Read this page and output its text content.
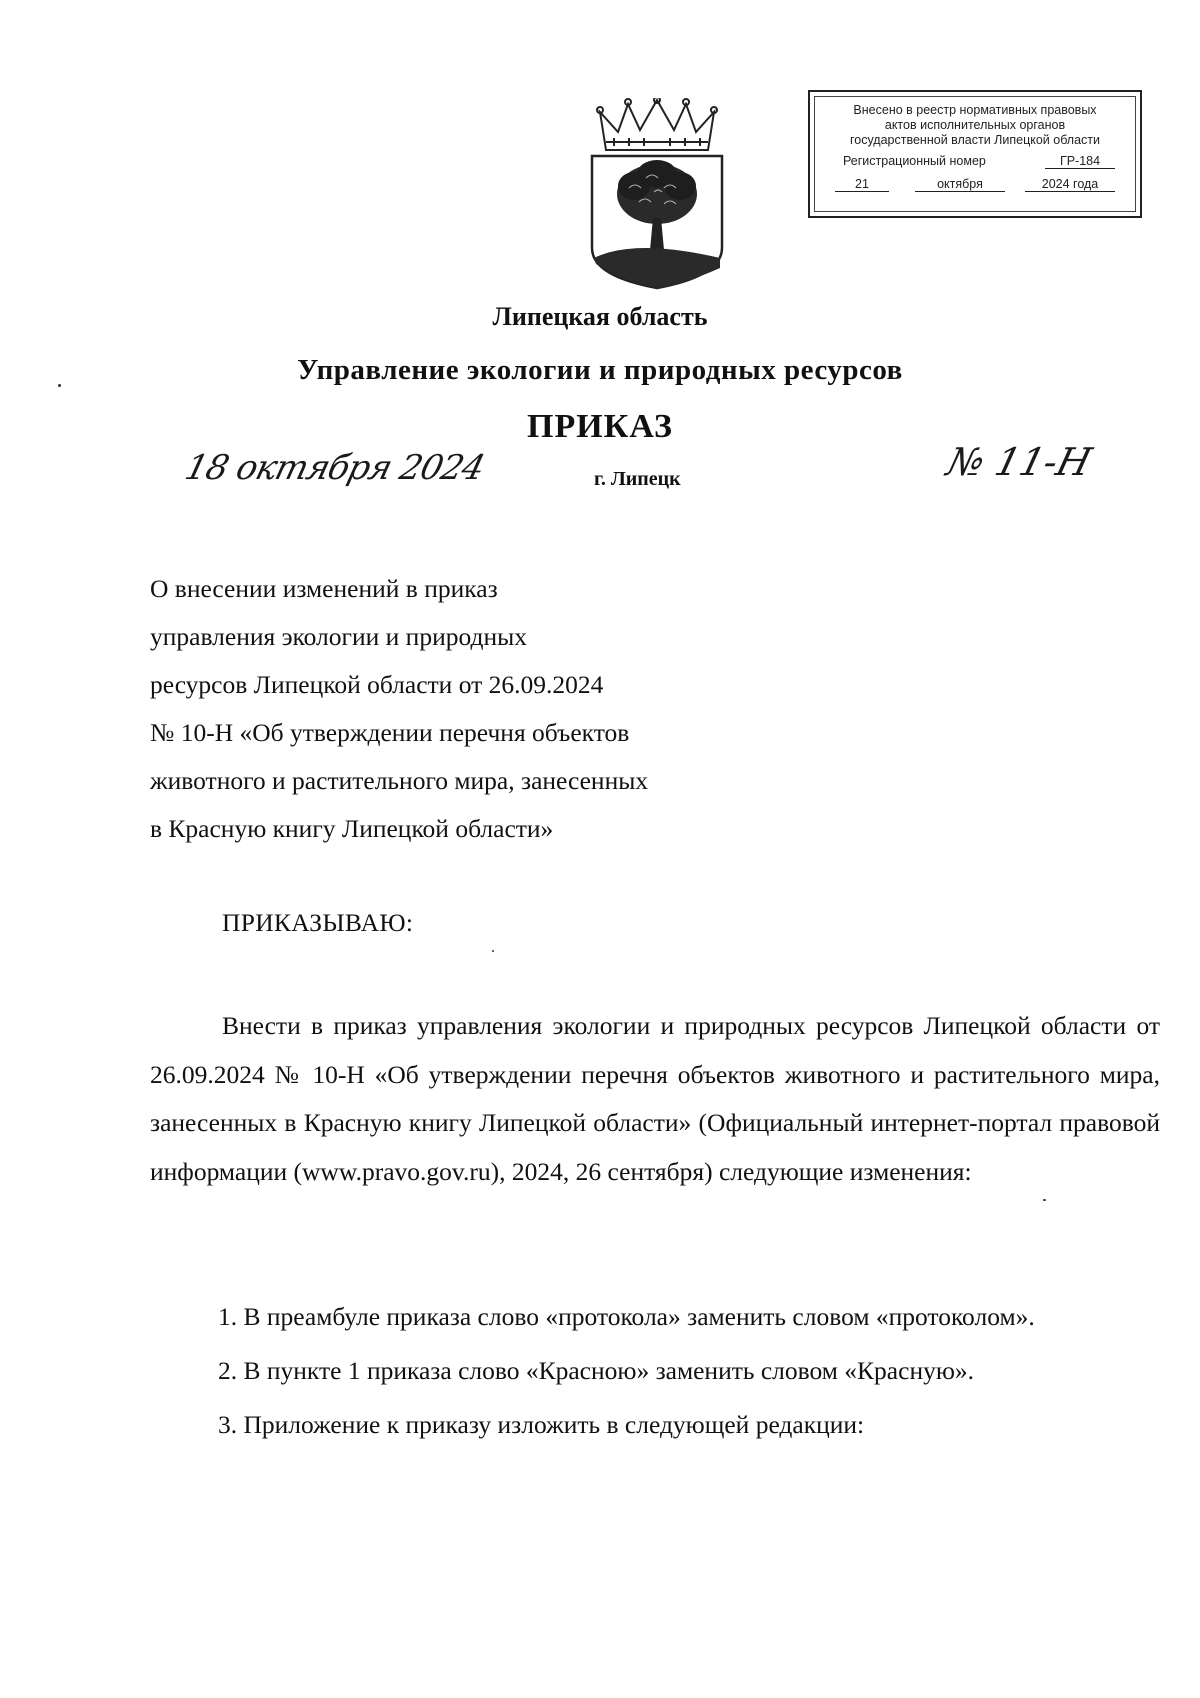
Внесено в реестр нормативных правовых
актов исполнительных органов
государственной власти Липецкой области
Регистрационный номер	ГР-184
21	октября	2024 года
Липецкая область
Управление экологии и природных ресурсов
ПРИКАЗ
18 октября 2024	г. Липецк	№ 11-Н
О внесении изменений в приказ
управления экологии и природных
ресурсов Липецкой области от 26.09.2024
№ 10-Н «Об утверждении перечня объектов
животного и растительного мира, занесенных
в Красную книгу Липецкой области»
ПРИКАЗЫВАЮ:
Внести в приказ управления экологии и природных ресурсов Липецкой области от 26.09.2024 № 10-Н «Об утверждении перечня объектов животного и растительного мира, занесенных в Красную книгу Липецкой области» (Официальный интернет-портал правовой информации (www.pravo.gov.ru), 2024, 26 сентября) следующие изменения:
1. В преамбуле приказа слово «протокола» заменить словом «протоколом».
2. В пункте 1 приказа слово «Красною» заменить словом «Красную».
3. Приложение к приказу изложить в следующей редакции:
